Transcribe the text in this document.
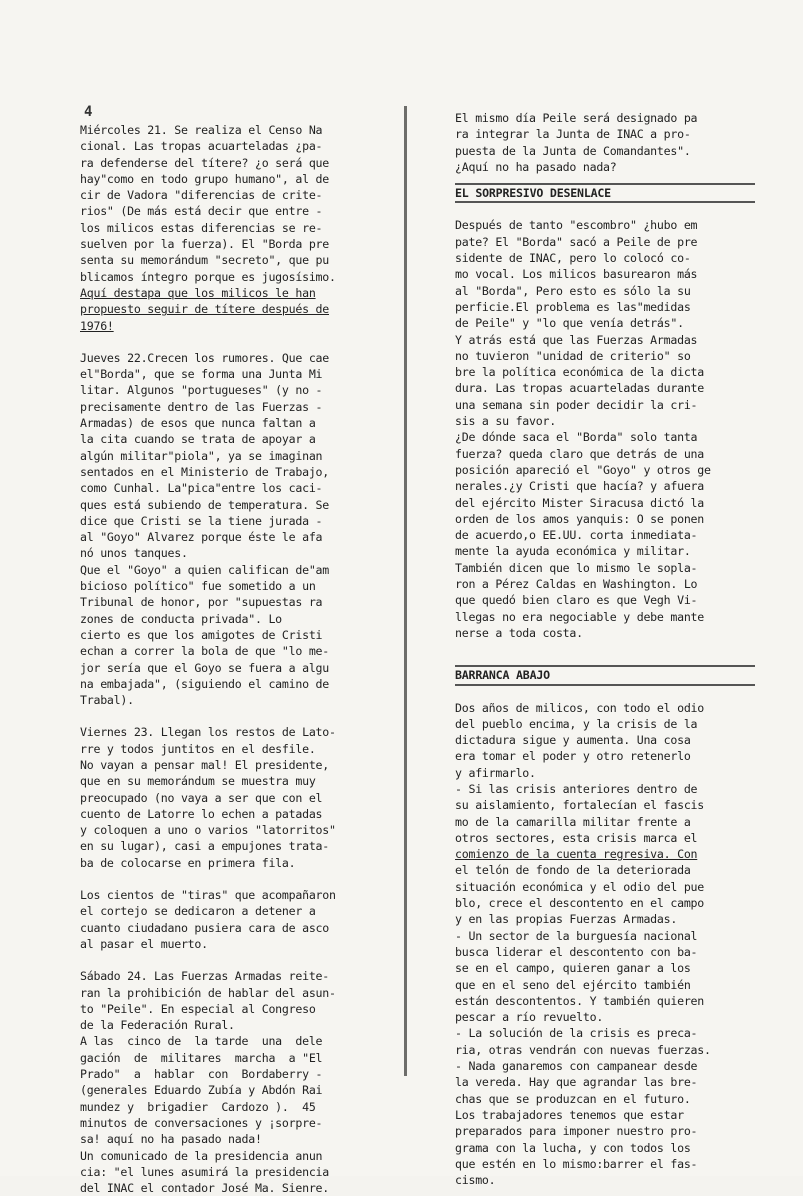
4
Miércoles 21. Se realiza el Censo Na
cional. Las tropas acuarteladas ¿pa-
ra defenderse del títere? ¿o será que
hay"como en todo grupo humano", al de
cir de Vadora "diferencias de crite-
rios" (De más está decir que entre -
los milicos estas diferencias se re-
suelven por la fuerza). El "Borda pre
senta su memorándum "secreto", que pu
blicamos íntegro porque es jugosísimo.
Aquí destapa que los milicos le han
propuesto seguir de títere después de
1976!
Jueves 22.Crecen los rumores. Que cae
el"Borda", que se forma una Junta Mi
litar. Algunos "portugueses" (y no -
precisamente dentro de las Fuerzas -
Armadas) de esos que nunca faltan a
la cita cuando se trata de apoyar a
algún militar"piola", ya se imaginan
sentados en el Ministerio de Trabajo,
como Cunhal. La"pica"entre los caci-
ques está subiendo de temperatura. Se
dice que Cristi se la tiene jurada -
al "Goyo" Alvarez porque éste le afa
nó unos tanques.
Que el "Goyo" a quien califican de"am
bicioso político" fue sometido a un
Tribunal de honor, por "supuestas ra
zones de conducta privada". Lo
cierto es que los amigotes de Cristi
echan a correr la bola de que "lo me-
jor sería que el Goyo se fuera a algu
na embajada", (siguiendo el camino de
Trabal).
Viernes 23. Llegan los restos de Lato-
rre y todos juntitos en el desfile.
No vayan a pensar mal! El presidente,
que en su memorándum se muestra muy
preocupado (no vaya a ser que con el
cuento de Latorre lo echen a patadas
y coloquen a uno o varios "latorritos"
en su lugar), casi a empujones trata-
ba de colocarse en primera fila.
Los cientos de "tiras" que acompañaron
el cortejo se dedicaron a detener a
cuanto ciudadano pusiera cara de asco
al pasar el muerto.
Sábado 24. Las Fuerzas Armadas reite-
ran la prohibición de hablar del asun-
to "Peile". En especial al Congreso
de la Federación Rural.
A las  cinco de  la tarde  una  dele
gación  de  militares  marcha  a "El
Prado"  a  hablar  con  Bordaberry -
(generales Eduardo Zubía y Abdón Rai
mundez y  brigadier  Cardozo ).  45
minutos de conversaciones y ¡sorpre-
sa! aquí no ha pasado nada!
Un comunicado de la presidencia anun
cia: "el lunes asumirá la presidencia
del INAC el contador José Ma. Sienre.
El mismo día Peile será designado pa
ra integrar la Junta de INAC a pro-
puesta de la Junta de Comandantes".
¿Aquí no ha pasado nada?
EL SORPRESIVO DESENLACE
Después de tanto "escombro" ¿hubo em
pate? El "Borda" sacó a Peile de pre
sidente de INAC, pero lo colocó co-
mo vocal. Los milicos basurearon más
al "Borda", Pero esto es sólo la su
perficie.El problema es las"medidas
de Peile" y "lo que venía detrás".
Y atrás está que las Fuerzas Armadas
no tuvieron "unidad de criterio" so
bre la política económica de la dicta
dura. Las tropas acuarteladas durante
una semana sin poder decidir la cri-
sis a su favor.
¿De dónde saca el "Borda" solo tanta
fuerza? queda claro que detrás de una
posición apareció el "Goyo" y otros ge
nerales.¿y Cristi que hacía? y afuera
del ejército Mister Siracusa dictó la
orden de los amos yanquis: O se ponen
de acuerdo,o EE.UU. corta inmediata-
mente la ayuda económica y militar.
También dicen que lo mismo le sopla-
ron a Pérez Caldas en Washington. Lo
que quedó bien claro es que Vegh Vi-
llegas no era negociable y debe mante
nerse a toda costa.
BARRANCA ABAJO
Dos años de milicos, con todo el odio
del pueblo encima, y la crisis de la
dictadura sigue y aumenta. Una cosa
era tomar el poder y otro retenerlo
y afirmarlo.
- Si las crisis anteriores dentro de
su aislamiento, fortalecían el fascis
mo de la camarilla militar frente a
otros sectores, esta crisis marca el
comienzo de la cuenta regresiva. Con
el telón de fondo de la deteriorada
situación económica y el odio del pue
blo, crece el descontento en el campo
y en las propias Fuerzas Armadas.
- Un sector de la burguesía nacional
busca liderar el descontento con ba-
se en el campo, quieren ganar a los
que en el seno del ejército también
están descontentos. Y también quieren
pescar a río revuelto.
- La solución de la crisis es preca-
ria, otras vendrán con nuevas fuerzas.
- Nada ganaremos con campanear desde
la vereda. Hay que agrandar las bre-
chas que se produzcan en el futuro.
Los trabajadores tenemos que estar
preparados para imponer nuestro pro-
grama con la lucha, y con todos los
que estén en lo mismo:barrer el fas-
cismo.
